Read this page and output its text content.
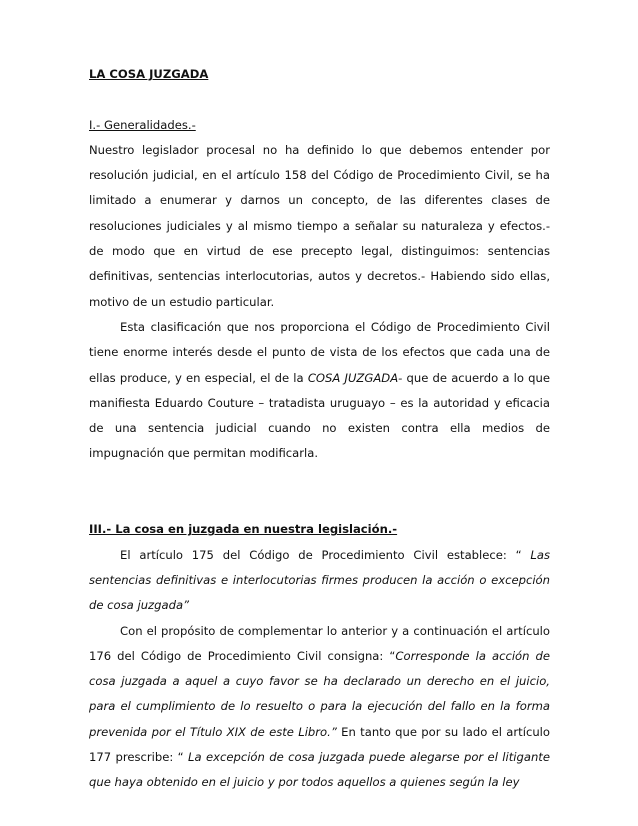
LA COSA JUZGADA

I.- Generalidades.-

Nuestro legislador procesal no ha definido lo que debemos entender por resolución judicial, en el artículo 158 del Código de Procedimiento Civil, se ha limitado a enumerar y darnos un concepto, de las diferentes clases de resoluciones judiciales y al mismo tiempo a señalar su naturaleza y efectos.- de modo que en virtud de ese precepto legal, distinguimos: sentencias definitivas, sentencias interlocutorias, autos y decretos.- Habiendo sido ellas, motivo de un estudio particular.

Esta clasificación que nos proporciona el Código de Procedimiento Civil tiene enorme interés desde el punto de vista de los efectos que cada una de ellas produce, y en especial, el de la COSA JUZGADA- que de acuerdo a lo que manifiesta Eduardo Couture – tratadista uruguayo – es la autoridad y eficacia de una sentencia judicial cuando no existen contra ella medios de impugnación que permitan modificarla.

III.- La cosa en juzgada en nuestra legislación.-

El artículo 175 del Código de Procedimiento Civil establece: “ Las sentencias definitivas e interlocutorias firmes producen la acción o excepción de cosa juzgada”

Con el propósito de complementar lo anterior y a continuación el artículo 176 del Código de Procedimiento Civil consigna: “Corresponde la acción de cosa juzgada a aquel a cuyo favor se ha declarado un derecho en el juicio, para el cumplimiento de lo resuelto o para la ejecución del fallo en la forma prevenida por el Título XIX de este Libro.” En tanto que por su lado el artículo 177 prescribe: “ La excepción de cosa juzgada puede alegarse por el litigante que haya obtenido en el juicio y por todos aquellos a quienes según la ley
